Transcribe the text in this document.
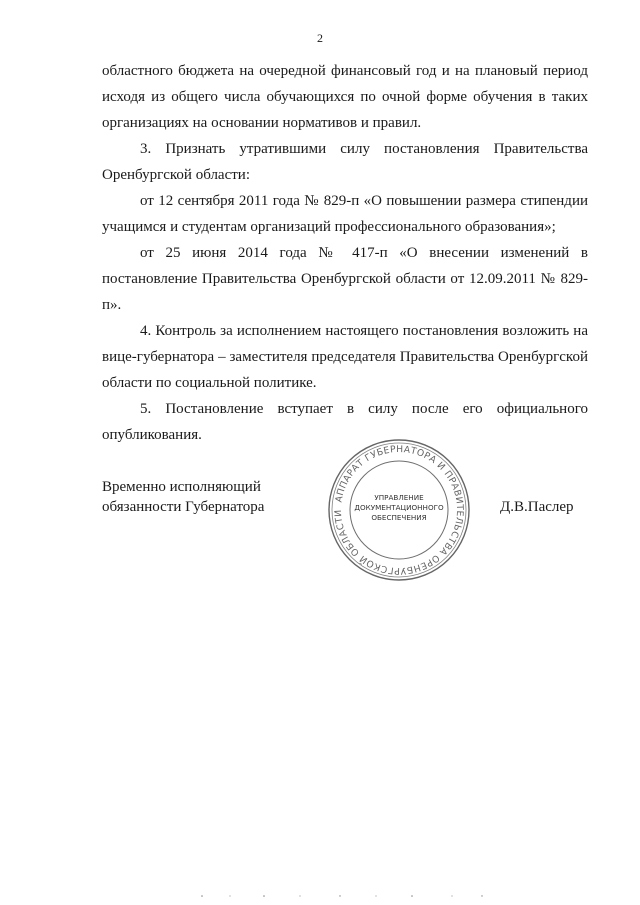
2

областного бюджета на очередной финансовый год и на плановый период исходя из общего числа обучающихся по очной форме обучения в таких организациях на основании нормативов и правил.

3. Признать утратившими силу постановления Правительства Оренбургской области:

от 12 сентября 2011 года № 829-п «О повышении размера стипендии учащимся и студентам организаций профессионального образования»;

от 25 июня 2014 года № 417-п «О внесении изменений в постановление Правительства Оренбургской области от 12.09.2011 № 829-п».

4. Контроль за исполнением настоящего постановления возложить на вице-губернатора – заместителя председателя Правительства Оренбургской области по социальной политике.

5. Постановление вступает в силу после его официального опубликования.

Временно исполняющий
обязанности Губернатора
АППАРАТ ГУБЕРНАТОРА И ПРАВИТЕЛЬСТВА ОРЕНБУРГСКОЙ ОБЛАСТИ
УПРАВЛЕНИЕ
ДОКУМЕНТАЦИОННОГО
ОБЕСПЕЧЕНИЯ
Д.В.Паслер
